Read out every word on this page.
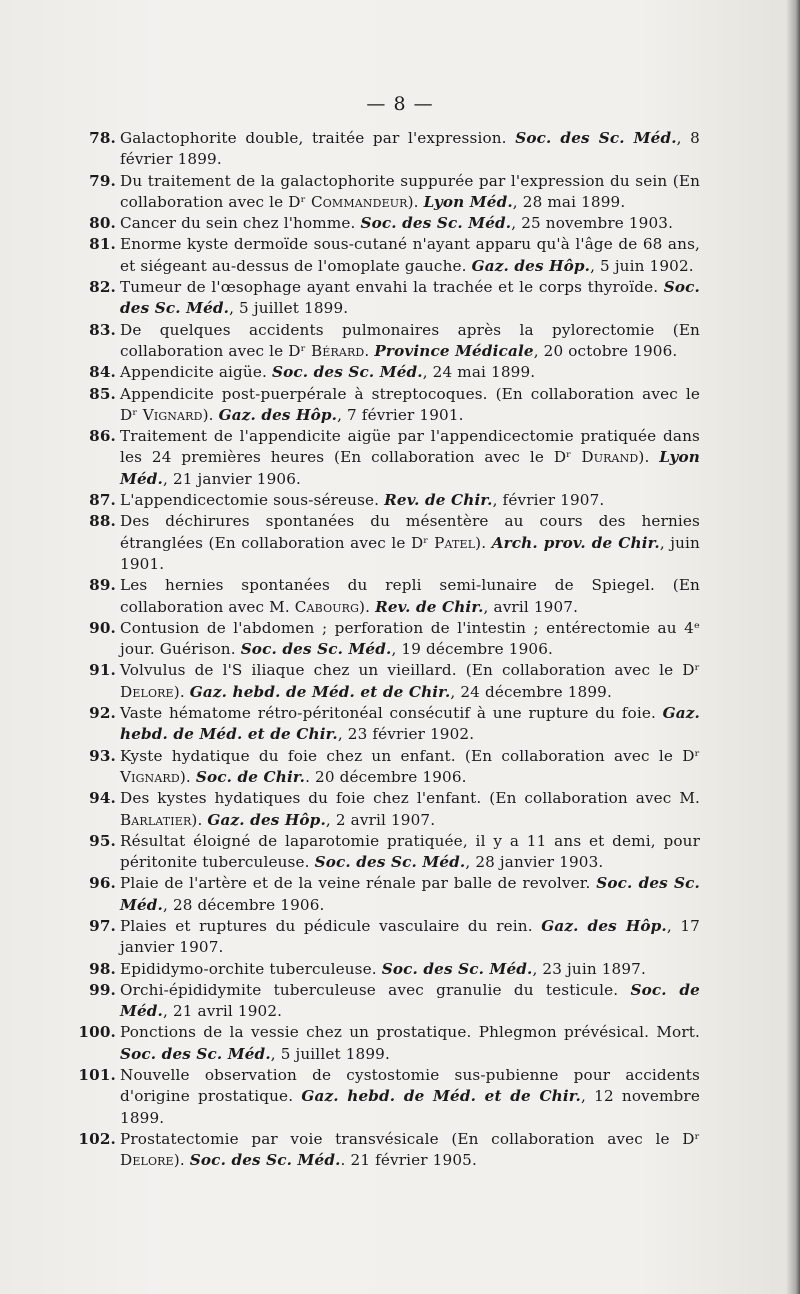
— 8 —
78. Galactophorite double, traitée par l'expression. Soc. des Sc. Méd., 8 février 1899.
79. Du traitement de la galactophorite suppurée par l'expression du sein (En collaboration avec le Dʳ Commandeur). Lyon Méd., 28 mai 1899.
80. Cancer du sein chez l'homme. Soc. des Sc. Méd., 25 novembre 1903.
81. Enorme kyste dermoïde sous-cutané n'ayant apparu qu'à l'âge de 68 ans, et siégeant au-dessus de l'omoplate gauche. Gaz. des Hôp., 5 juin 1902.
82. Tumeur de l'œsophage ayant envahi la trachée et le corps thyroïde. Soc. des Sc. Méd., 5 juillet 1899.
83. De quelques accidents pulmonaires après la pylorectomie (En collaboration avec le Dʳ Bérard. Province Médicale, 20 octobre 1906.
84. Appendicite aigüe. Soc. des Sc. Méd., 24 mai 1899.
85. Appendicite post-puerpérale à streptocoques. (En collaboration avec le Dʳ Vignard). Gaz. des Hôp., 7 février 1901.
86. Traitement de l'appendicite aigüe par l'appendicectomie pratiquée dans les 24 premières heures (En collaboration avec le Dʳ Durand). Lyon Méd., 21 janvier 1906.
87. L'appendicectomie sous-séreuse. Rev. de Chir., février 1907.
88. Des déchirures spontanées du mésentère au cours des hernies étranglées (En collaboration avec le Dʳ Patel). Arch. prov. de Chir., juin 1901.
89. Les hernies spontanées du repli semi-lunaire de Spiegel. (En collaboration avec M. Cabourg). Rev. de Chir., avril 1907.
90. Contusion de l'abdomen ; perforation de l'intestin ; entérectomie au 4ᵉ jour. Guérison. Soc. des Sc. Méd., 19 décembre 1906.
91. Volvulus de l'S iliaque chez un vieillard. (En collaboration avec le Dʳ Delore). Gaz. hebd. de Méd. et de Chir., 24 décembre 1899.
92. Vaste hématome rétro-péritonéal consécutif à une rupture du foie. Gaz. hebd. de Méd. et de Chir., 23 février 1902.
93. Kyste hydatique du foie chez un enfant. (En collaboration avec le Dʳ Vignard). Soc. de Chir.. 20 décembre 1906.
94. Des kystes hydatiques du foie chez l'enfant. (En collaboration avec M. Barlatier). Gaz. des Hôp., 2 avril 1907.
95. Résultat éloigné de laparotomie pratiquée, il y a 11 ans et demi, pour péritonite tuberculeuse. Soc. des Sc. Méd., 28 janvier 1903.
96. Plaie de l'artère et de la veine rénale par balle de revolver. Soc. des Sc. Méd., 28 décembre 1906.
97. Plaies et ruptures du pédicule vasculaire du rein. Gaz. des Hôp., 17 janvier 1907.
98. Epididymo-orchite tuberculeuse. Soc. des Sc. Méd., 23 juin 1897.
99. Orchi-épididymite tuberculeuse avec granulie du testicule. Soc. de Méd., 21 avril 1902.
100. Ponctions de la vessie chez un prostatique. Phlegmon prévésical. Mort. Soc. des Sc. Méd., 5 juillet 1899.
101. Nouvelle observation de cystostomie sus-pubienne pour accidents d'origine prostatique. Gaz. hebd. de Méd. et de Chir., 12 novembre 1899.
102. Prostatectomie par voie transvésicale (En collaboration avec le Dʳ Delore). Soc. des Sc. Méd.. 21 février 1905.
